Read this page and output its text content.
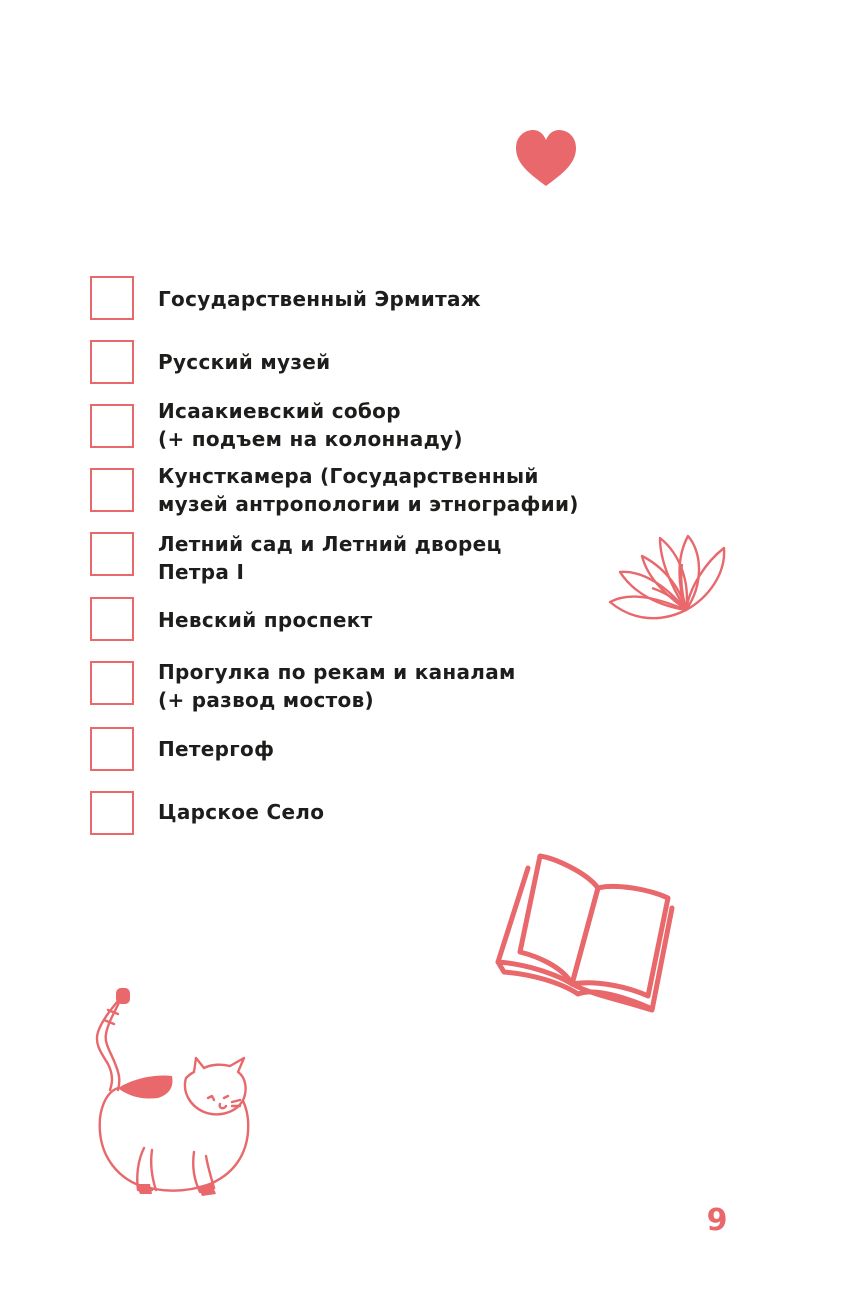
Государственный Эрмитаж
Русский музей
Исаакиевский собор
(+ подъем на колоннаду)
Кунсткамера (Государственный
музей антропологии и этнографии)
Летний сад и Летний дворец
Петра I
Невский проспект
Прогулка по рекам и каналам
(+ развод мостов)
Петергоф
Царское Село
9
